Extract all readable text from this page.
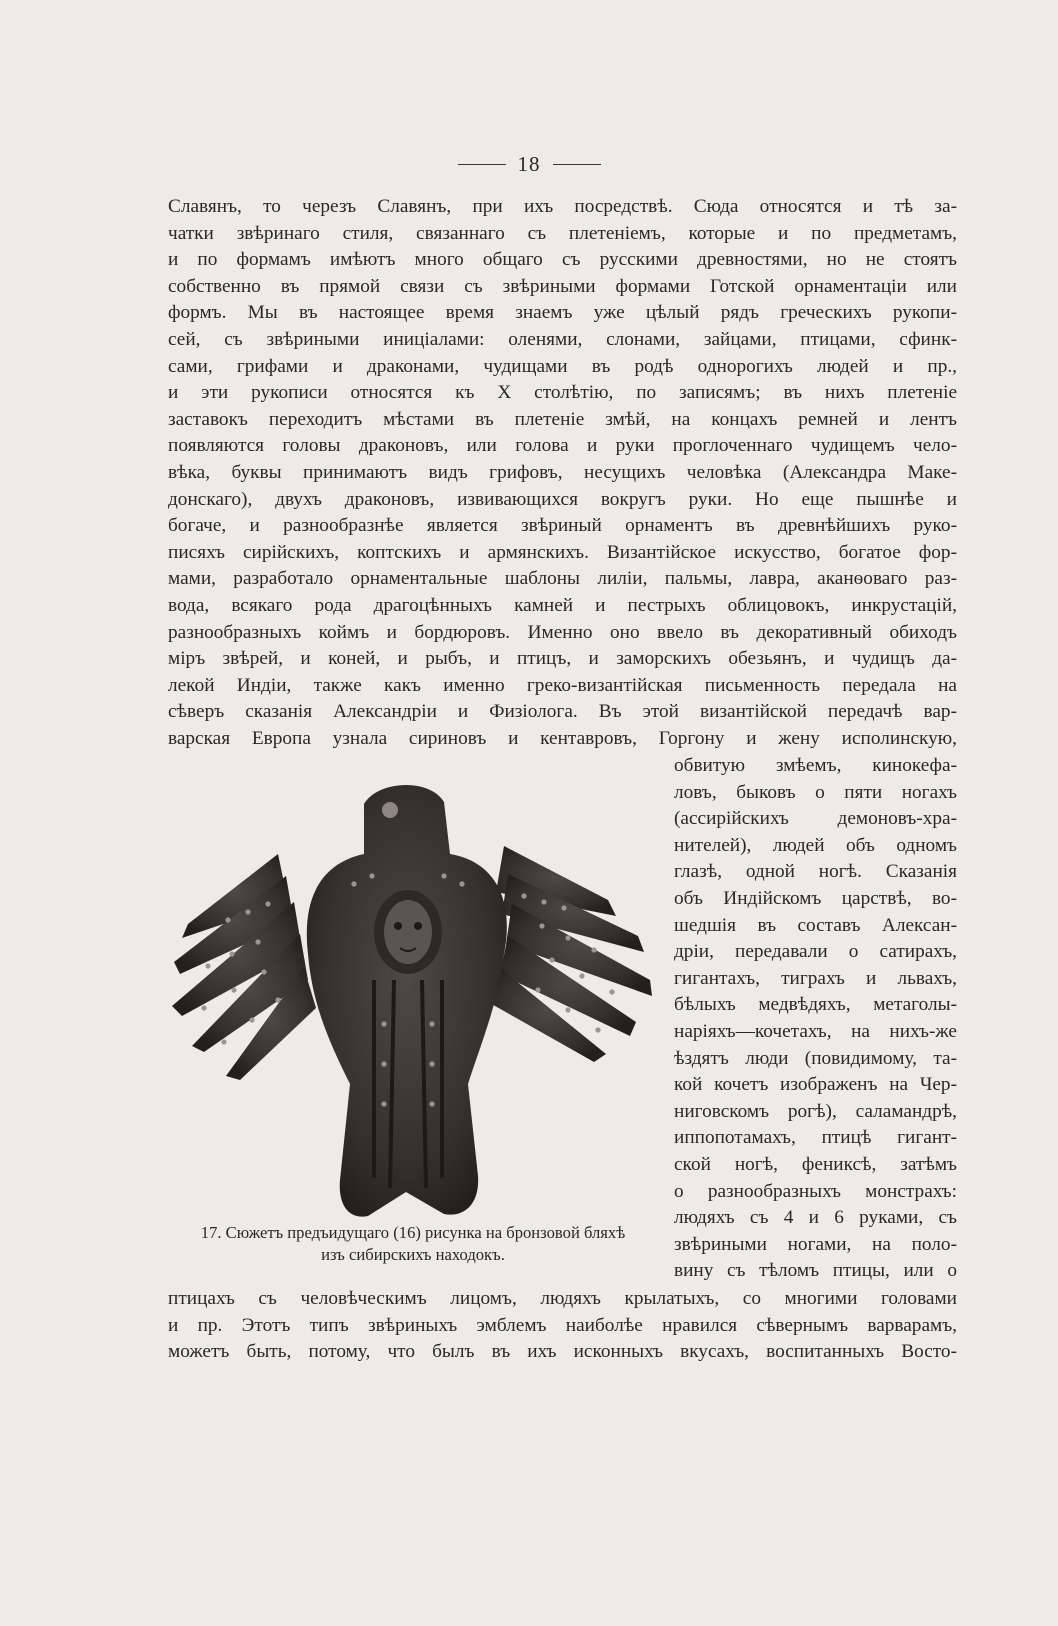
18
Славянъ, то черезъ Славянъ, при ихъ посредствѣ. Сюда относятся и тѣ за-
чатки звѣринаго стиля, связаннаго съ плетеніемъ, которые и по предметамъ,
и по формамъ имѣютъ много общаго съ русскими древностями, но не стоятъ
собственно въ прямой связи съ звѣриными формами Готской орнаментаціи или
формъ. Мы въ настоящее время знаемъ уже цѣлый рядъ греческихъ рукопи-
сей, съ звѣриными иниціалами: оленями, слонами, зайцами, птицами, сфинк-
сами, грифами и драконами, чудищами въ родѣ однорогихъ людей и пр.,
и эти рукописи относятся къ X столѣтію, по записямъ; въ нихъ плетеніе
заставокъ переходитъ мѣстами въ плетеніе змѣй, на концахъ ремней и лентъ
появляются головы драконовъ, или голова и руки проглоченнаго чудищемъ чело-
вѣка, буквы принимаютъ видъ грифовъ, несущихъ человѣка (Александра Маке-
донскаго), двухъ драконовъ, извивающихся вокругъ руки. Но еще пышнѣе и
богаче, и разнообразнѣе является звѣриный орнаментъ въ древнѣйшихъ руко-
писяхъ сирійскихъ, коптскихъ и армянскихъ. Византійское искусство, богатое фор-
мами, разработало орнаментальные шаблоны лиліи, пальмы, лавра, аканѳоваго раз-
вода, всякаго рода драгоцѣнныхъ камней и пестрыхъ облицовокъ, инкрустацій,
разнообразныхъ коймъ и бордюровъ. Именно оно ввело въ декоративный обиходъ
міръ звѣрей, и коней, и рыбъ, и птицъ, и заморскихъ обезьянъ, и чудищъ да-
лекой Индіи, также какъ именно греко-византійская письменность передала на
сѣверъ сказанія Александріи и Физіолога. Въ этой византійской передачѣ вар-
варская Европа узнала сириновъ и кентавровъ, Горгону и жену исполинскую,
обвитую змѣемъ, кинокефа-
ловъ, быковъ о пяти ногахъ
(ассирійскихъ демоновъ-хра-
нителей), людей объ одномъ
глазѣ, одной ногѣ. Сказанія
объ Индійскомъ царствѣ, во-
шедшія въ составъ Алексан-
дріи, передавали о сатирахъ,
гигантахъ, тиграхъ и львахъ,
бѣлыхъ медвѣдяхъ, метаголы-
наріяхъ—кочетахъ, на нихъ-же
ѣздятъ люди (повидимому, та-
кой кочетъ изображенъ на Чер-
ниговскомъ рогѣ), саламандрѣ,
иппопотамахъ, птицѣ гигант-
ской ногѣ, фениксѣ, затѣмъ
о разнообразныхъ монстрахъ:
людяхъ съ 4 и 6 руками, съ
звѣриными ногами, на поло-
вину съ тѣломъ птицы, или о
птицахъ съ человѣческимъ лицомъ, людяхъ крылатыхъ, со многими головами
и пр. Этотъ типъ звѣриныхъ эмблемъ наиболѣе нравился сѣвернымъ варварамъ,
можетъ быть, потому, что былъ въ ихъ исконныхъ вкусахъ, воспитанныхъ Восто-
17. Сюжетъ предъидущаго (16) рисунка на бронзовой бляхѣ
изъ сибирскихъ находокъ.
